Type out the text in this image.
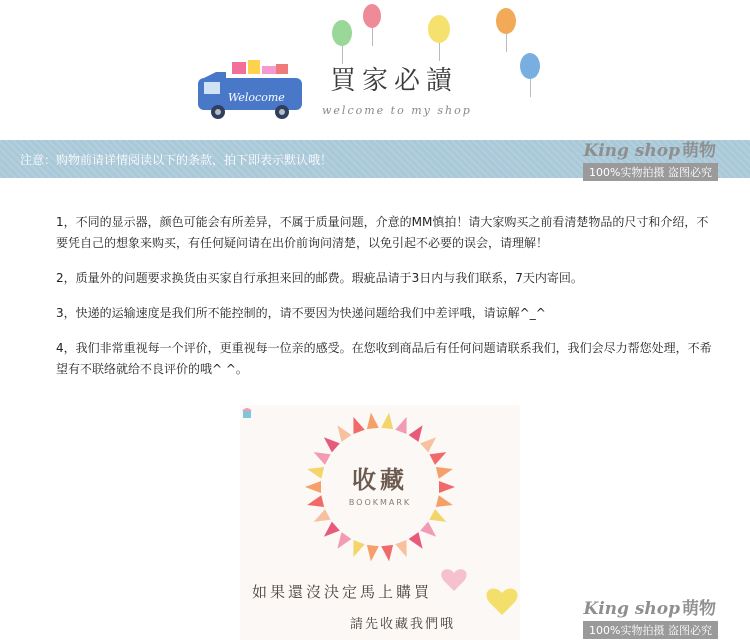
Welocome
買家必讀
welcome to my shop
注意：购物前请详情阅读以下的条款，拍下即表示默认哦！	King shop 萌物
100%实物拍摄 盗图必究

1，不同的显示器，颜色可能会有所差异，不属于质量问题，介意的MM慎拍！请大家购买之前看清楚物品的尺寸和介绍，不要凭自己的想象来购买，有任何疑问请在出价前询问清楚，以免引起不必要的误会，请理解！

2，质量外的问题要求换货由买家自行承担来回的邮费。瑕疵品请于3日内与我们联系，7天内寄回。

3，快递的运输速度是我们所不能控制的，请不要因为快递问题给我们中差评哦，请谅解^_^

4，我们非常重视每一个评价，更重视每一位亲的感受。在您收到商品后有任何问题请联系我们，我们会尽力帮您处理，不希望有不联络就给不良评价的哦^ ^。

收藏
BOOKMARK
如果還沒決定馬上購買
請先收藏我們哦
King shop 萌物
100%实物拍摄 盗图必究
